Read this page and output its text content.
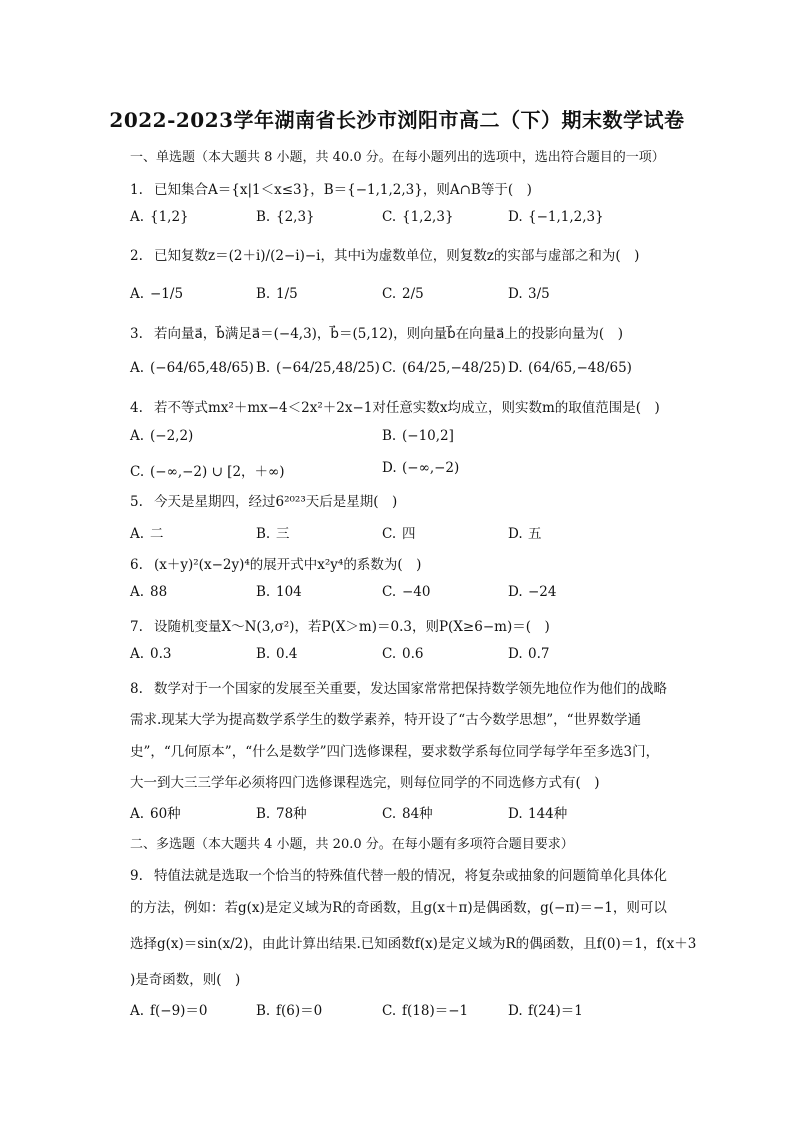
2022-2023学年湖南省长沙市浏阳市高二（下）期末数学试卷
一、单选题（本大题共 8 小题，共 40.0 分。在每小题列出的选项中，选出符合题目的一项）
1. 已知集合A＝{x|1＜x≤3}，B＝{−1,1,2,3}，则A∩B等于(　)
A. {1,2}	B. {2,3}	C. {1,2,3}	D. {−1,1,2,3}
2. 已知复数z＝(2＋i)/(2−i)−i，其中i为虚数单位，则复数z的实部与虚部之和为(　)
A. −1/5	B. 1/5	C. 2/5	D. 3/5
3. 若向量a⃗，b⃗满足a⃗＝(−4,3)，b⃗＝(5,12)，则向量b⃗在向量a⃗上的投影向量为(　)
A. (−64/65,48/65) B. (−64/25,48/25) C. (64/25,−48/25) D. (64/65,−48/65)
4. 若不等式mx²＋mx−4＜2x²＋2x−1对任意实数x均成立，则实数m的取值范围是(　)
A. (−2,2)	B. (−10,2]
C. (−∞,−2) ∪ [2，＋∞)	D. (−∞,−2)
5. 今天是星期四，经过6²⁰²³天后是星期(　)
A. 二	B. 三	C. 四	D. 五
6. (x＋y)²(x−2y)⁴的展开式中x²y⁴的系数为(　)
A. 88	B. 104	C. −40	D. −24
7. 设随机变量X～N(3,σ²)，若P(X＞m)＝0.3，则P(X≥6−m)＝(　)
A. 0.3	B. 0.4	C. 0.6	D. 0.7
8. 数学对于一个国家的发展至关重要，发达国家常常把保持数学领先地位作为他们的战略
需求.现某大学为提高数学系学生的数学素养，特开设了“古今数学思想”，“世界数学通
史”，“几何原本”，“什么是数学”四门选修课程，要求数学系每位同学每学年至多选3门，
大一到大三三学年必须将四门选修课程选完，则每位同学的不同选修方式有(　)
A. 60种	B. 78种	C. 84种	D. 144种
二、多选题（本大题共 4 小题，共 20.0 分。在每小题有多项符合题目要求）
9. 特值法就是选取一个恰当的特殊值代替一般的情况，将复杂或抽象的问题简单化具体化
的方法，例如：若g(x)是定义域为R的奇函数，且g(x＋π)是偶函数，g(−π)＝−1，则可以
选择g(x)＝sin(x/2)，由此计算出结果.已知函数f(x)是定义域为R的偶函数，且f(0)＝1，f(x＋3
)是奇函数，则(　)
A. f(−9)＝0	B. f(6)＝0	C. f(18)＝−1	D. f(24)＝1
